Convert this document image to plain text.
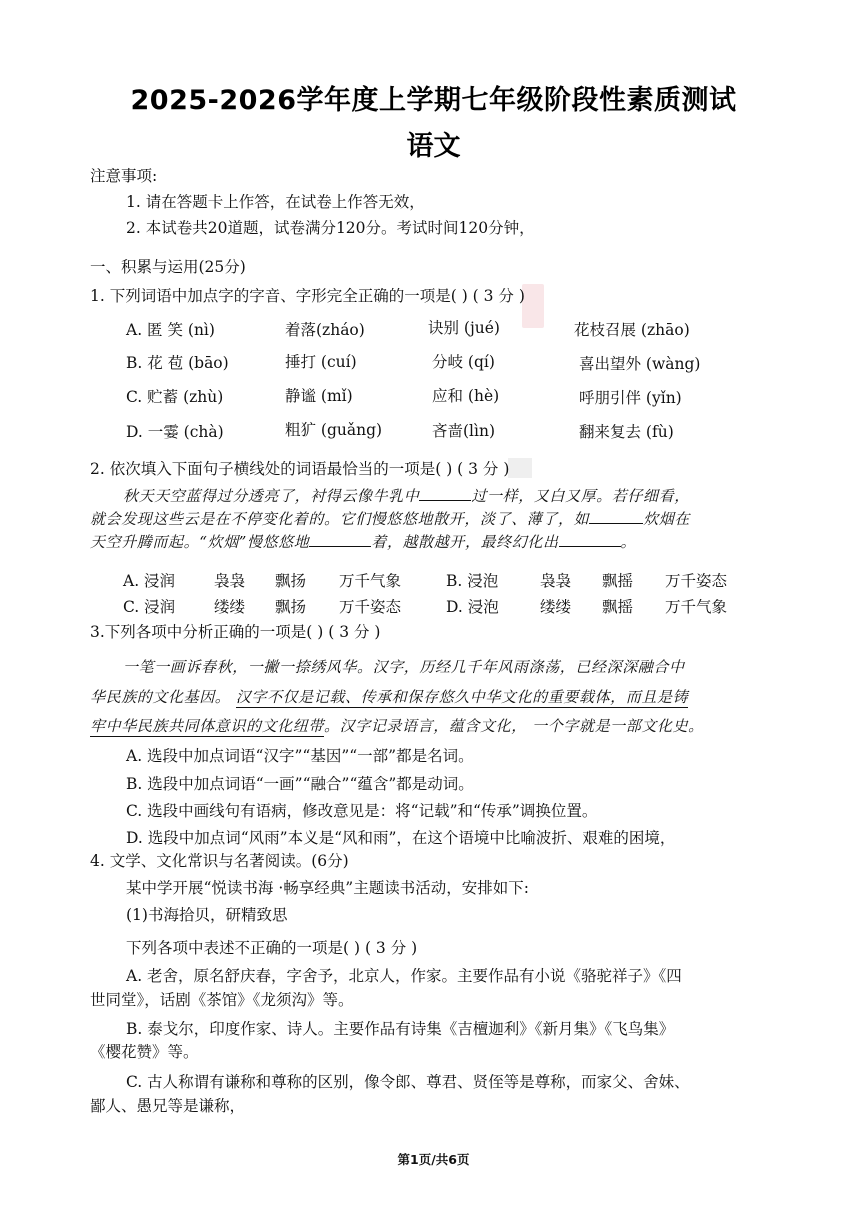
2025-2026学年度上学期七年级阶段性素质测试
语文
注意事项:
1. 请在答题卡上作答，在试卷上作答无效，
2. 本试卷共20道题，试卷满分120分。考试时间120分钟，
一、积累与运用(25分)
1. 下列词语中加点字的字音、字形完全正确的一项是( ) ( 3 分 )
A. 匿 笑 (nì)	着落(zháo)	诀别 (jué)	花枝召展 (zhāo)
B. 花 苞 (bāo)	捶打 (cuí)	分岐 (qí)	喜出望外 (wàng)
C. 贮蓄 (zhù)	静谧 (mǐ)	应和 (hè)	呼朋引伴 (yǐn)
D. 一霎 (chà)	粗犷 (guǎng)	吝啬(lìn)	翻来复去 (fù)
2. 依次填入下面句子横线处的词语最恰当的一项是( ) ( 3 分 )
秋天天空蓝得过分透亮了，衬得云像牛乳中	过一样，又白又厚。若仔细看，
就会发现这些云是在不停变化着的。它们慢悠悠地散开，淡了、薄了，如	炊烟在
天空升腾而起。“炊烟”慢悠悠地	着，越散越开，最终幻化出	。
A. 浸润	袅袅 飘扬 万千气象	B. 浸泡	袅袅 飘摇 万千姿态
C. 浸润	缕缕 飘扬 万千姿态	D. 浸泡	缕缕 飘摇 万千气象
3.下列各项中分析正确的一项是( ) ( 3 分 )
一笔一画诉春秋，一撇一捺绣风华。汉字，历经几千年风雨涤荡，已经深深融合中
华民族的文化基因。 汉字不仅是记载、传承和保存悠久中华文化的重要载体，而且是铸
牢中华民族共同体意识的文化纽带。汉字记录语言，蕴含文化， 一个字就是一部文化史。
A. 选段中加点词语“汉字”“基因”“一部”都是名词。
B. 选段中加点词语“一画”“融合”“蕴含”都是动词。
C. 选段中画线句有语病，修改意见是：将“记载”和“传承”调换位置。
D. 选段中加点词“风雨”本义是“风和雨”，在这个语境中比喻波折、艰难的困境，
4. 文学、文化常识与名著阅读。(6分)
某中学开展“悦读书海 ·畅享经典”主题读书活动，安排如下:
(1)书海拾贝，研精致思
下列各项中表述不正确的一项是( ) ( 3 分 )
A. 老舍，原名舒庆春，字舍予，北京人，作家。主要作品有小说《骆驼祥子》《四
世同堂》，话剧《茶馆》《龙须沟》等。
B. 泰戈尔，印度作家、诗人。主要作品有诗集《吉檀迦利》《新月集》《飞鸟集》
《樱花赞》等。
C. 古人称谓有谦称和尊称的区别，像令郎、尊君、贤侄等是尊称，而家父、舍妹、
鄙人、愚兄等是谦称，
第1页/共6页
